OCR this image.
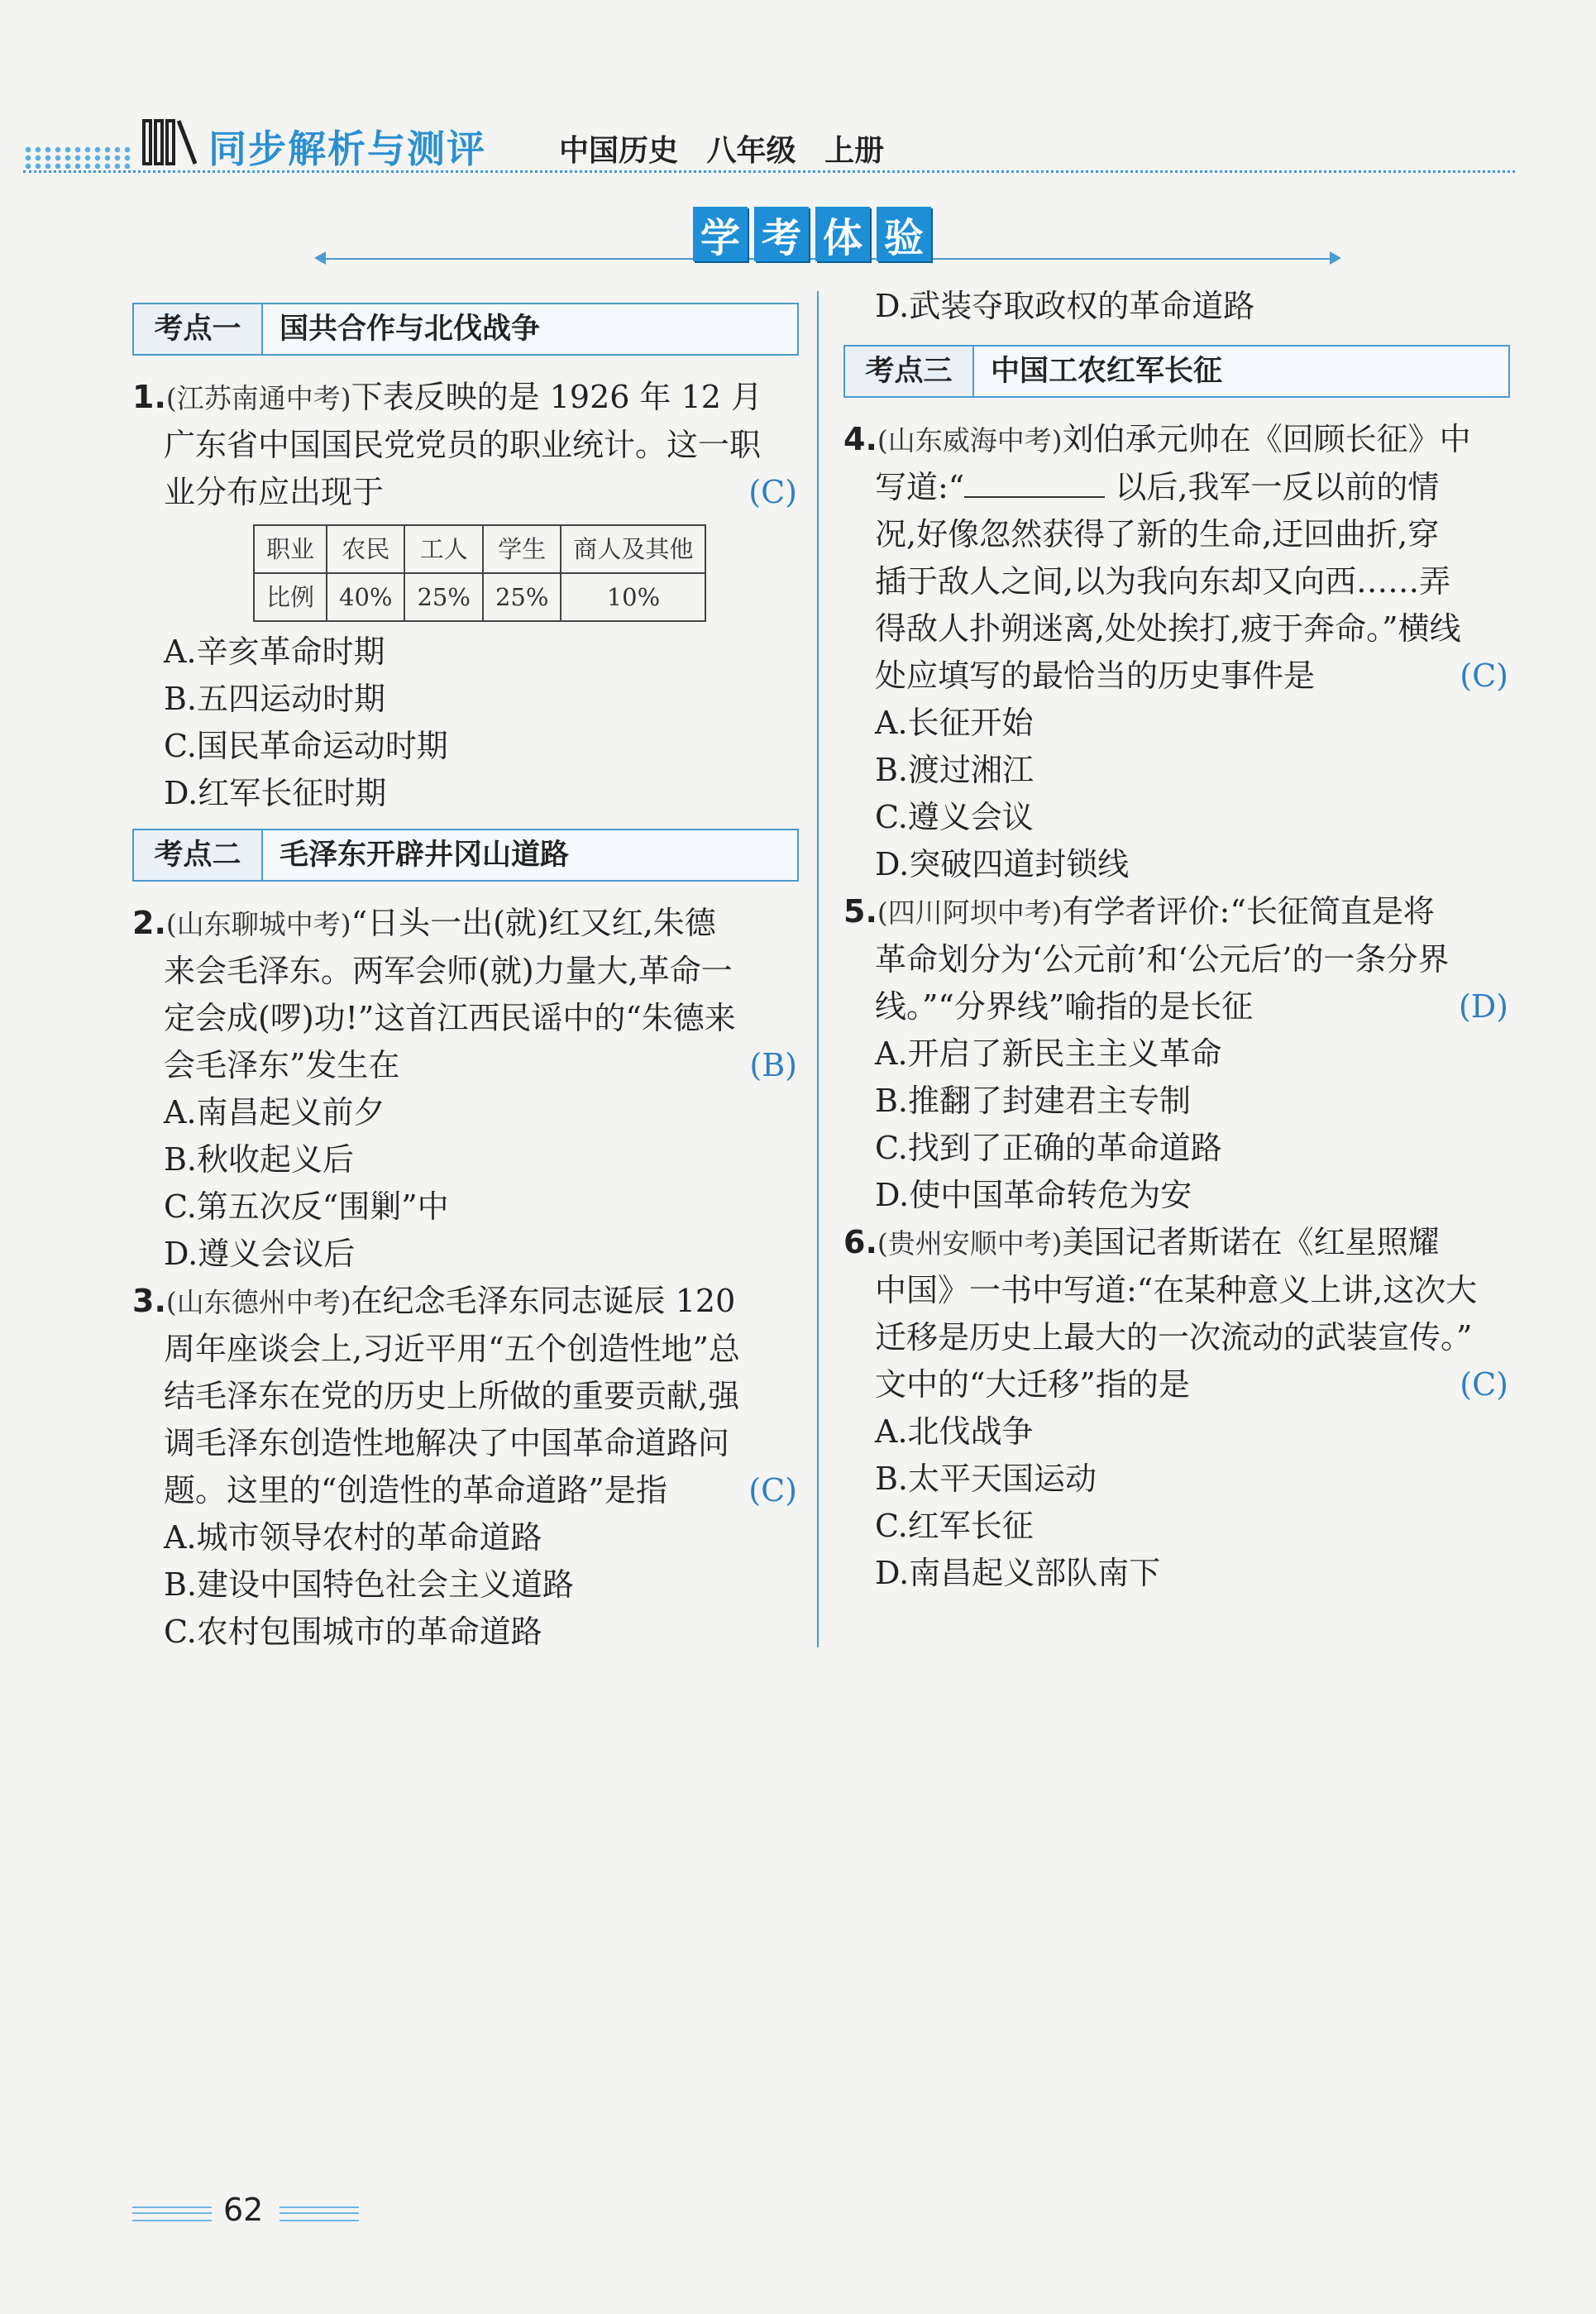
同步解析与测评 中国历史 八年级 上册
学 考 体 验
考点一	国共合作与北伐战争
1.(江苏南通中考)下表反映的是 1926 年 12 月
广东省中国国民党党员的职业统计。这一职
业分布应出现于	(C)
职业	农民	工人	学生	商人及其他
比例	40%	25%	25%	10%
A.辛亥革命时期
B.五四运动时期
C.国民革命运动时期
D.红军长征时期
考点二	毛泽东开辟井冈山道路
2.(山东聊城中考)“日头一出(就)红又红,朱德
来会毛泽东。两军会师(就)力量大,革命一
定会成(啰)功!”这首江西民谣中的“朱德来
会毛泽东”发生在	(B)
A.南昌起义前夕
B.秋收起义后
C.第五次反“围剿”中
D.遵义会议后
3.(山东德州中考)在纪念毛泽东同志诞辰 120
周年座谈会上,习近平用“五个创造性地”总
结毛泽东在党的历史上所做的重要贡献,强
调毛泽东创造性地解决了中国革命道路问
题。这里的“创造性的革命道路”是指	(C)
A.城市领导农村的革命道路
B.建设中国特色社会主义道路
C.农村包围城市的革命道路
D.武装夺取政权的革命道路
考点三	中国工农红军长征
4.(山东威海中考)刘伯承元帅在《回顾长征》中
写道:“	以后,我军一反以前的情
况,好像忽然获得了新的生命,迂回曲折,穿
插于敌人之间,以为我向东却又向西……弄
得敌人扑朔迷离,处处挨打,疲于奔命。”横线
处应填写的最恰当的历史事件是	(C)
A.长征开始
B.渡过湘江
C.遵义会议
D.突破四道封锁线
5.(四川阿坝中考)有学者评价:“长征简直是将
革命划分为‘公元前’和‘公元后’的一条分界
线。”“分界线”喻指的是长征	(D)
A.开启了新民主主义革命
B.推翻了封建君主专制
C.找到了正确的革命道路
D.使中国革命转危为安
6.(贵州安顺中考)美国记者斯诺在《红星照耀
中国》一书中写道:“在某种意义上讲,这次大
迁移是历史上最大的一次流动的武装宣传。”
文中的“大迁移”指的是	(C)
A.北伐战争
B.太平天国运动
C.红军长征
D.南昌起义部队南下
62
